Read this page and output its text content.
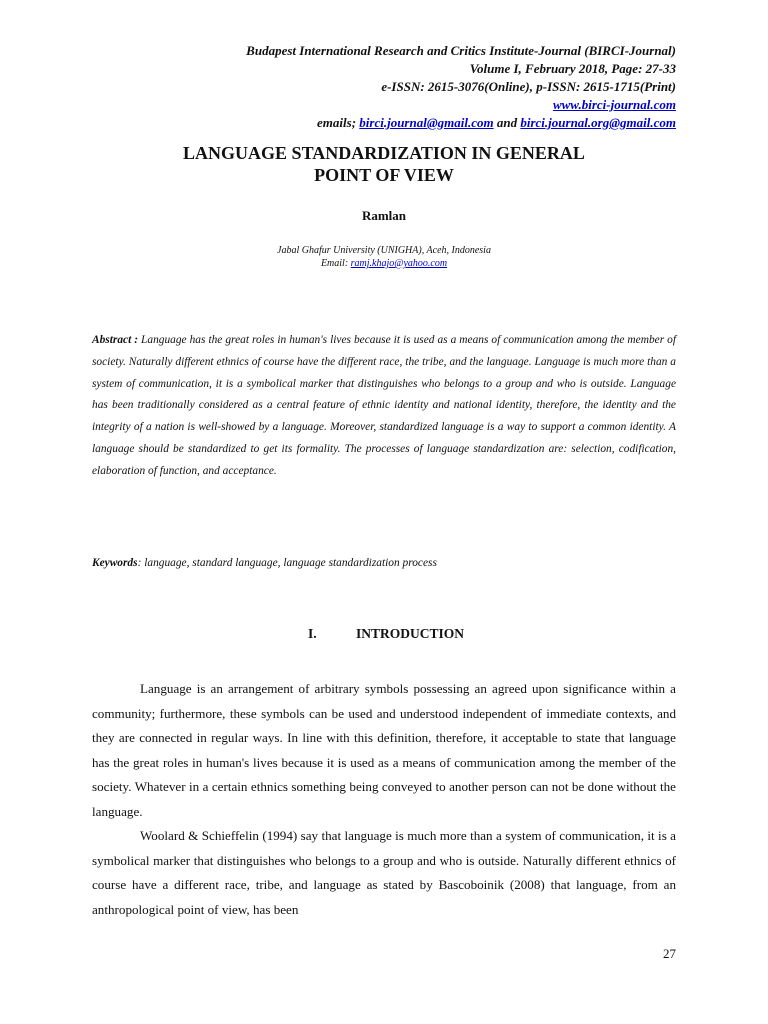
Budapest International Research and Critics Institute-Journal (BIRCI-Journal)
Volume I, February 2018, Page: 27-33
e-ISSN: 2615-3076(Online), p-ISSN: 2615-1715(Print)
www.birci-journal.com
emails; birci.journal@gmail.com and birci.journal.org@gmail.com
LANGUAGE STANDARDIZATION IN GENERAL
POINT OF VIEW
Ramlan
Jabal Ghafur University (UNIGHA), Aceh, Indonesia
Email: ramj.khajo@yahoo.com
Abstract : Language has the great roles in human's lives because it is used as a means of communication among the member of society. Naturally different ethnics of course have the different race, the tribe, and the language. Language is much more than a system of communication, it is a symbolical marker that distinguishes who belongs to a group and who is outside. Language has been traditionally considered as a central feature of ethnic identity and national identity, therefore, the identity and the integrity of a nation is well-showed by a language. Moreover, standardized language is a way to support a common identity. A language should be standardized to get its formality. The processes of language standardization are: selection, codification, elaboration of function, and acceptance.
Keywords: language, standard language, language standardization process
I.	INTRODUCTION

Language is an arrangement of arbitrary symbols possessing an agreed upon significance within a community; furthermore, these symbols can be used and understood independent of immediate contexts, and they are connected in regular ways. In line with this definition, therefore, it acceptable to state that language has the great roles in human's lives because it is used as a means of communication among the member of the society. Whatever in a certain ethnics something being conveyed to another person can not be done without the language.

Woolard & Schieffelin (1994) say that language is much more than a system of communication, it is a symbolical marker that distinguishes who belongs to a group and who is outside. Naturally different ethnics of course have a different race, tribe, and language as stated by Bascoboinik (2008) that language, from an anthropological point of view, has been

27
